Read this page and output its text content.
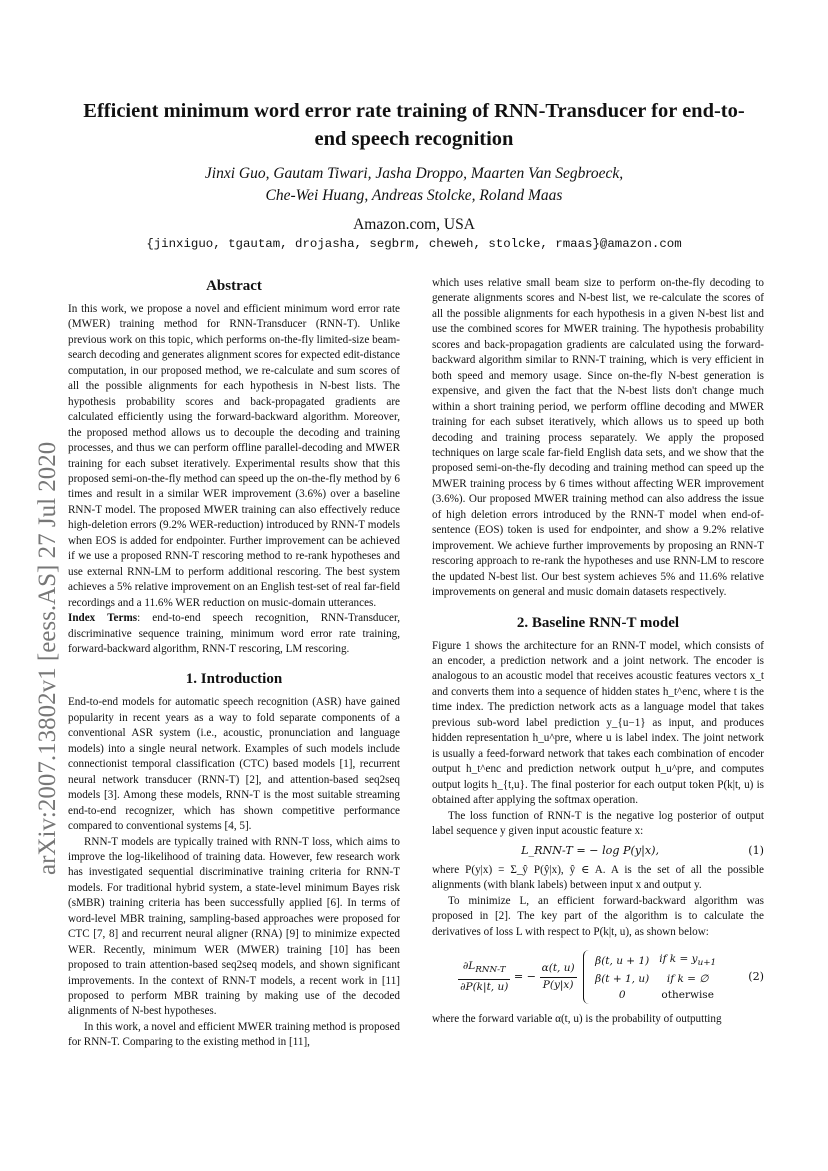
arXiv:2007.13802v1 [eess.AS] 27 Jul 2020
Efficient minimum word error rate training of RNN-Transducer for end-to-end speech recognition
Jinxi Guo, Gautam Tiwari, Jasha Droppo, Maarten Van Segbroeck,
Che-Wei Huang, Andreas Stolcke, Roland Maas
Amazon.com, USA
{jinxiguo, tgautam, drojasha, segbrm, cheweh, stolcke, rmaas}@amazon.com
Abstract

In this work, we propose a novel and efficient minimum word error rate (MWER) training method for RNN-Transducer (RNN-T). Unlike previous work on this topic, which performs on-the-fly limited-size beam-search decoding and generates alignment scores for expected edit-distance computation, in our proposed method, we re-calculate and sum scores of all the possible alignments for each hypothesis in N-best lists. The hypothesis probability scores and back-propagated gradients are calculated efficiently using the forward-backward algorithm. Moreover, the proposed method allows us to decouple the decoding and training processes, and thus we can perform offline parallel-decoding and MWER training for each subset iteratively. Experimental results show that this proposed semi-on-the-fly method can speed up the on-the-fly method by 6 times and result in a similar WER improvement (3.6%) over a baseline RNN-T model. The proposed MWER training can also effectively reduce high-deletion errors (9.2% WER-reduction) introduced by RNN-T models when EOS is added for endpointer. Further improvement can be achieved if we use a proposed RNN-T rescoring method to re-rank hypotheses and use external RNN-LM to perform additional rescoring. The best system achieves a 5% relative improvement on an English test-set of real far-field recordings and a 11.6% WER reduction on music-domain utterances.

Index Terms: end-to-end speech recognition, RNN-Transducer, discriminative sequence training, minimum word error rate training, forward-backward algorithm, RNN-T rescoring, LM rescoring.

1. Introduction

End-to-end models for automatic speech recognition (ASR) have gained popularity in recent years as a way to fold separate components of a conventional ASR system (i.e., acoustic, pronunciation and language models) into a single neural network. Examples of such models include connectionist temporal classification (CTC) based models [1], recurrent neural network transducer (RNN-T) [2], and attention-based seq2seq models [3]. Among these models, RNN-T is the most suitable streaming end-to-end recognizer, which has shown competitive performance compared to conventional systems [4, 5].

RNN-T models are typically trained with RNN-T loss, which aims to improve the log-likelihood of training data. However, few research work has investigated sequential discriminative training criteria for RNN-T models. For traditional hybrid system, a state-level minimum Bayes risk (sMBR) training criteria has been successfully applied [6]. In terms of word-level MBR training, sampling-based approaches were proposed for CTC [7, 8] and recurrent neural aligner (RNA) [9] to minimize expected WER. Recently, minimum WER (MWER) training [10] has been proposed to train attention-based seq2seq models, and shown significant improvements. In the context of RNN-T models, a recent work in [11] proposed to perform MBR training by making use of the decoded alignments of N-best hypotheses.

In this work, a novel and efficient MWER training method is proposed for RNN-T. Comparing to the existing method in [11],

which uses relative small beam size to perform on-the-fly decoding to generate alignments scores and N-best list, we re-calculate the scores of all the possible alignments for each hypothesis in a given N-best list and use the combined scores for MWER training. The hypothesis probability scores and back-propagation gradients are calculated using the forward-backward algorithm similar to RNN-T training, which is very efficient in both speed and memory usage. Since on-the-fly N-best generation is expensive, and given the fact that the N-best lists don't change much within a short training period, we perform offline decoding and MWER training for each subset iteratively, which allows us to speed up both decoding and training process separately. We apply the proposed techniques on large scale far-field English data sets, and we show that the proposed semi-on-the-fly decoding and training method can speed up the MWER training process by 6 times without affecting WER improvement (3.6%). Our proposed MWER training method can also address the issue of high deletion errors introduced by the RNN-T model when end-of-sentence (EOS) token is used for endpointer, and show a 9.2% relative improvement. We achieve further improvements by proposing an RNN-T rescoring approach to re-rank the hypotheses and use RNN-LM to rescore the updated N-best list. Our best system achieves 5% and 11.6% relative improvements on general and music domain datasets respectively.

2. Baseline RNN-T model

Figure 1 shows the architecture for an RNN-T model, which consists of an encoder, a prediction network and a joint network. The encoder is analogous to an acoustic model that receives acoustic features vectors x_t and converts them into a sequence of hidden states h_t^enc, where t is the time index. The prediction network acts as a language model that takes previous sub-word label prediction y_{u−1} as input, and produces hidden representation h_u^pre, where u is label index. The joint network is usually a feed-forward network that takes each combination of encoder output h_t^enc and prediction network output h_u^pre, and computes output logits h_{t,u}. The final posterior for each output token P(k|t, u) is obtained after applying the softmax operation.

The loss function of RNN-T is the negative log posterior of output label sequence y given input acoustic feature x:

L_RNN-T = − log P(y|x),	(1)

where P(y|x) = Σ_ŷ P(ŷ|x), ŷ ∈ A. A is the set of all the possible alignments (with blank labels) between input x and output y.

To minimize L, an efficient forward-backward algorithm was proposed in [2]. The key part of the algorithm is to calculate the derivatives of loss L with respect to P(k|t, u), as shown below:

$\frac{\partial L_{RNN-T}}{\partial P(k|t, u)}$ = − $\frac{\alpha(t, u)}{P(y|x)}$
β(t, u + 1)	if $k = y_{u+1}$
β(t + 1, u)	if k = ∅
0	otherwise
(2)

where the forward variable α(t, u) is the probability of outputting
